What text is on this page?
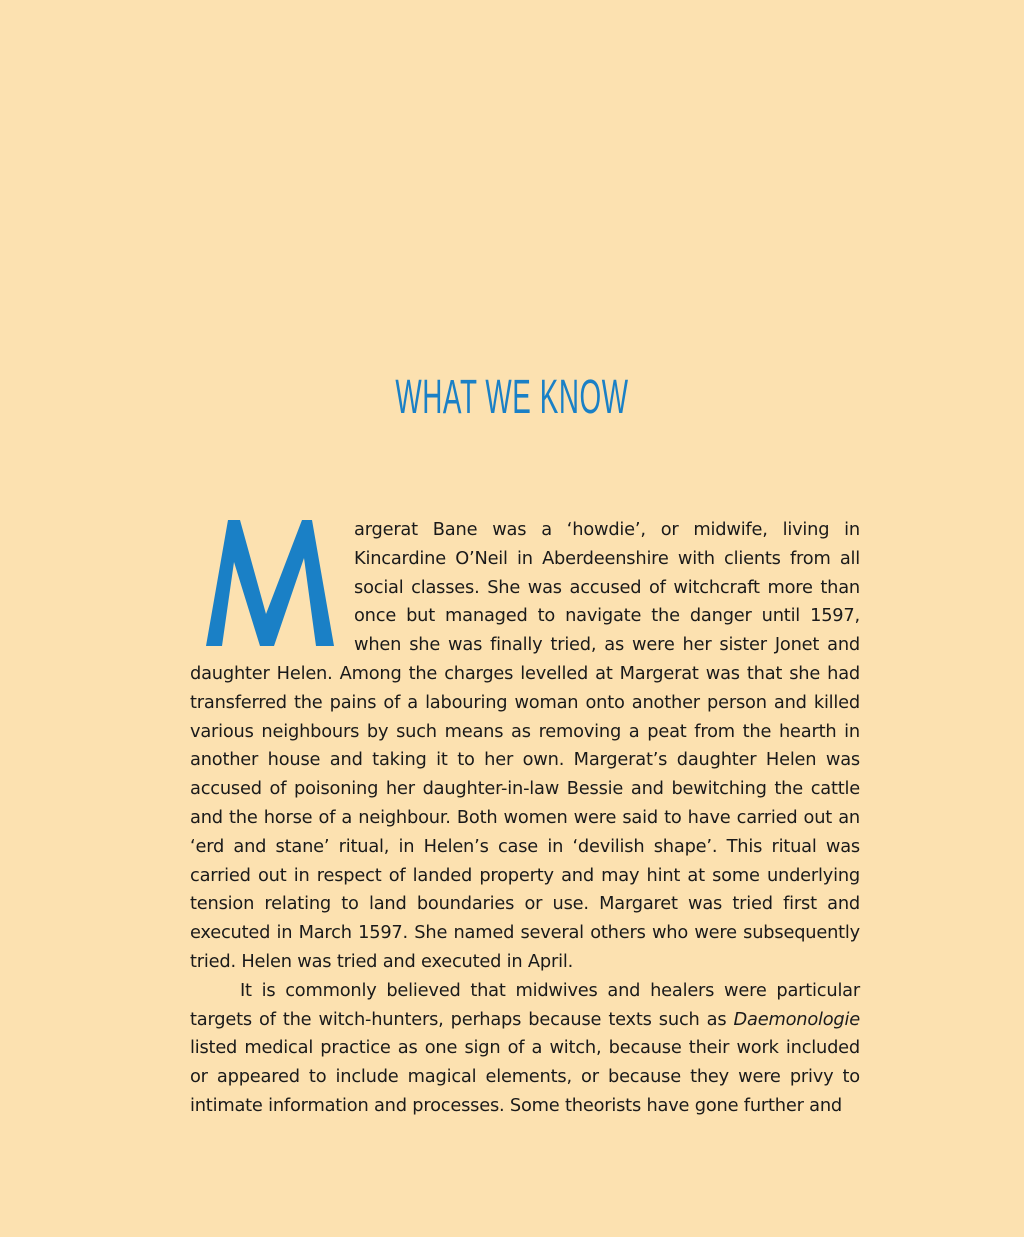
WHAT WE KNOW

argerat Bane was a ‘howdie’, or midwife, living in Kincardine O’Neil in Aberdeenshire with clients from all social classes. She was accused of witchcraft more than once but managed to navigate the danger until 1597, when she was finally tried, as were her sister Jonet and daughter Helen. Among the charges levelled at Margerat was that she had transferred the pains of a labouring woman onto another person and killed various neighbours by such means as removing a peat from the hearth in another house and taking it to her own. Margerat’s daughter Helen was accused of poisoning her daughter-in-law Bessie and bewitching the cattle and the horse of a neighbour. Both women were said to have carried out an ‘erd and stane’ ritual, in Helen’s case in ‘devilish shape’. This ritual was carried out in respect of landed property and may hint at some underlying tension relating to land boundaries or use. Margaret was tried first and executed in March 1597. She named several others who were subsequently tried. Helen was tried and executed in April.

It is commonly believed that midwives and healers were particular targets of the witch-hunters, perhaps because texts such as Daemonologie listed medical practice as one sign of a witch, because their work included or appeared to include magical elements, or because they were privy to intimate information and processes. Some theorists have gone further and
